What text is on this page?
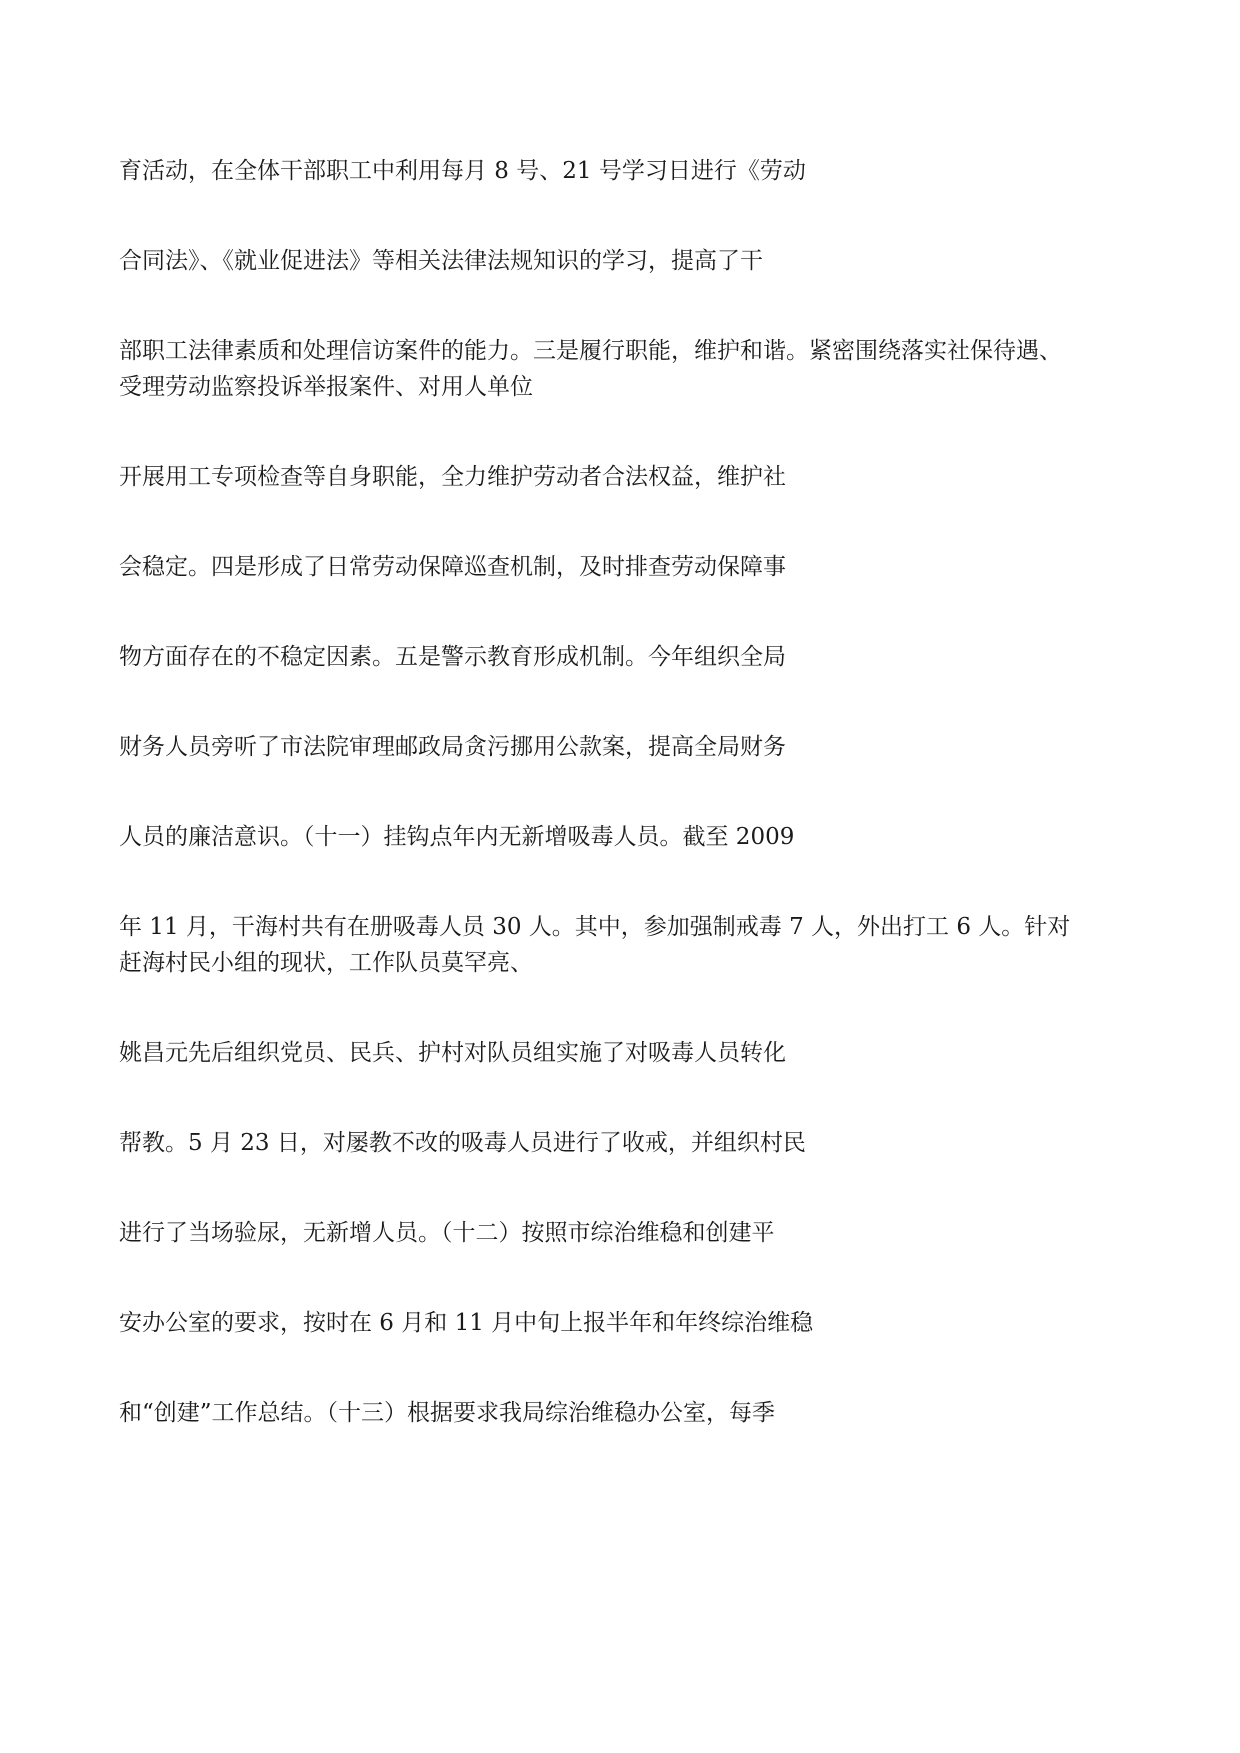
育活动，在全体干部职工中利用每月 8 号、21 号学习日进行《劳动

合同法》、《就业促进法》等相关法律法规知识的学习，提高了干

部职工法律素质和处理信访案件的能力。三是履行职能，维护和谐。紧密围绕落实社保待遇、

受理劳动监察投诉举报案件、对用人单位

开展用工专项检查等自身职能，全力维护劳动者合法权益，维护社

会稳定。四是形成了日常劳动保障巡查机制，及时排查劳动保障事

物方面存在的不稳定因素。五是警示教育形成机制。今年组织全局

财务人员旁听了市法院审理邮政局贪污挪用公款案，提高全局财务

人员的廉洁意识。（十一）挂钩点年内无新增吸毒人员。截至 2009

年 11 月，干海村共有在册吸毒人员 30 人。其中，参加强制戒毒 7 人，外出打工 6 人。针对

赶海村民小组的现状，工作队员莫罕亮、

姚昌元先后组织党员、民兵、护村对队员组实施了对吸毒人员转化

帮教。5 月 23 日，对屡教不改的吸毒人员进行了收戒，并组织村民

进行了当场验尿，无新增人员。（十二）按照市综治维稳和创建平

安办公室的要求，按时在 6 月和 11 月中旬上报半年和年终综治维稳

和“创建”工作总结。（十三）根据要求我局综治维稳办公室，每季
